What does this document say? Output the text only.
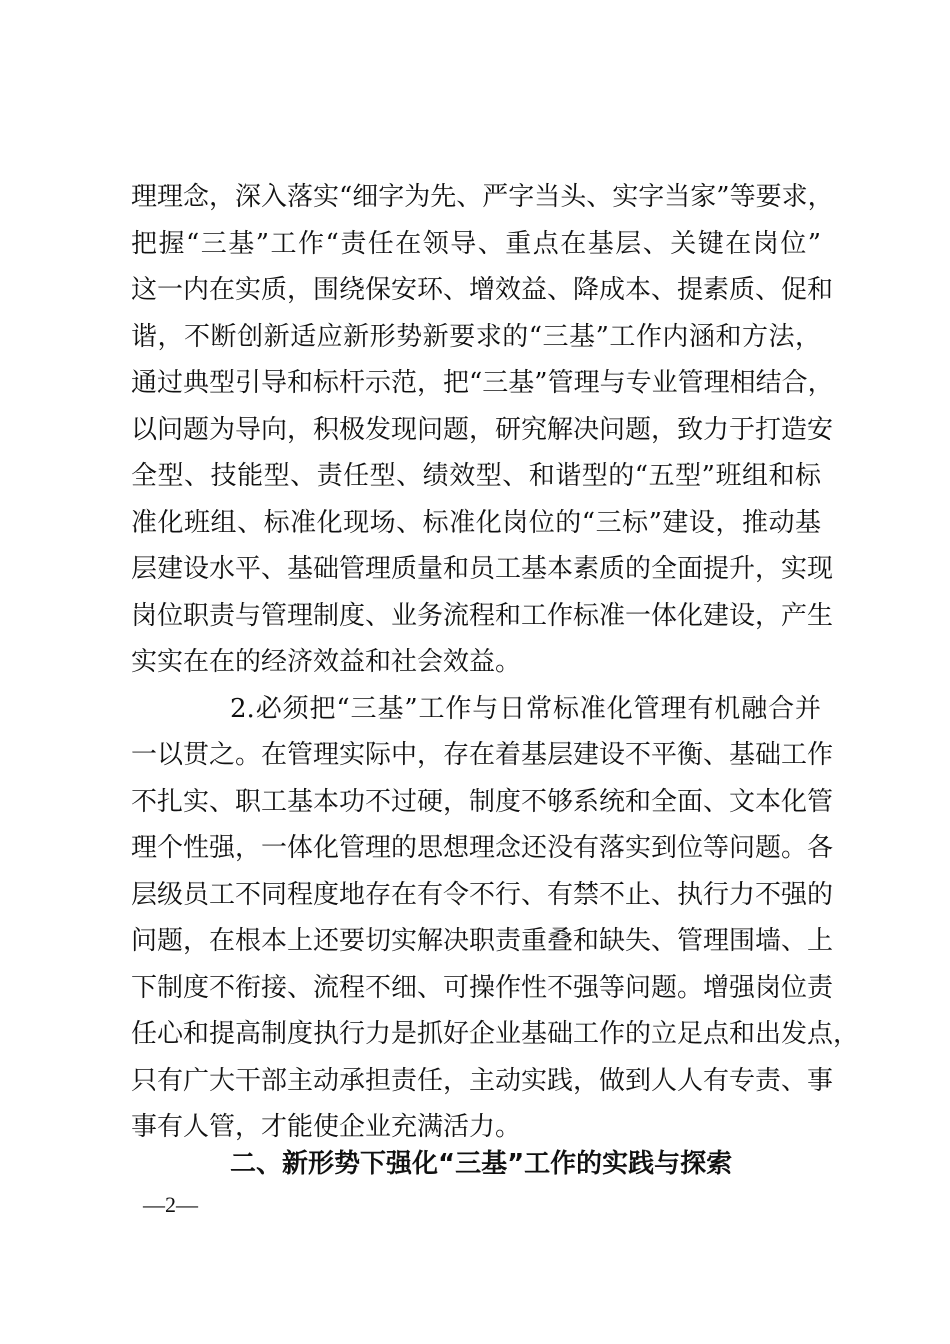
理理念，深入落实“细字为先、严字当头、实字当家”等要求，
把握“三基”工作“责任在领导、重点在基层、关键在岗位”
这一内在实质，围绕保安环、增效益、降成本、提素质、促和
谐，不断创新适应新形势新要求的“三基”工作内涵和方法，
通过典型引导和标杆示范，把“三基”管理与专业管理相结合，
以问题为导向，积极发现问题，研究解决问题，致力于打造安
全型、技能型、责任型、绩效型、和谐型的“五型”班组和标
准化班组、标准化现场、标准化岗位的“三标”建设，推动基
层建设水平、基础管理质量和员工基本素质的全面提升，实现
岗位职责与管理制度、业务流程和工作标准一体化建设，产生
实实在在的经济效益和社会效益。
2.必须把“三基”工作与日常标准化管理有机融合并
一以贯之。在管理实际中，存在着基层建设不平衡、基础工作
不扎实、职工基本功不过硬，制度不够系统和全面、文本化管
理个性强，一体化管理的思想理念还没有落实到位等问题。各
层级员工不同程度地存在有令不行、有禁不止、执行力不强的
问题，在根本上还要切实解决职责重叠和缺失、管理围墙、上
下制度不衔接、流程不细、可操作性不强等问题。增强岗位责
任心和提高制度执行力是抓好企业基础工作的立足点和出发点，
只有广大干部主动承担责任，主动实践，做到人人有专责、事
事有人管，才能使企业充满活力。
二、新形势下强化“三基”工作的实践与探索
—2—
